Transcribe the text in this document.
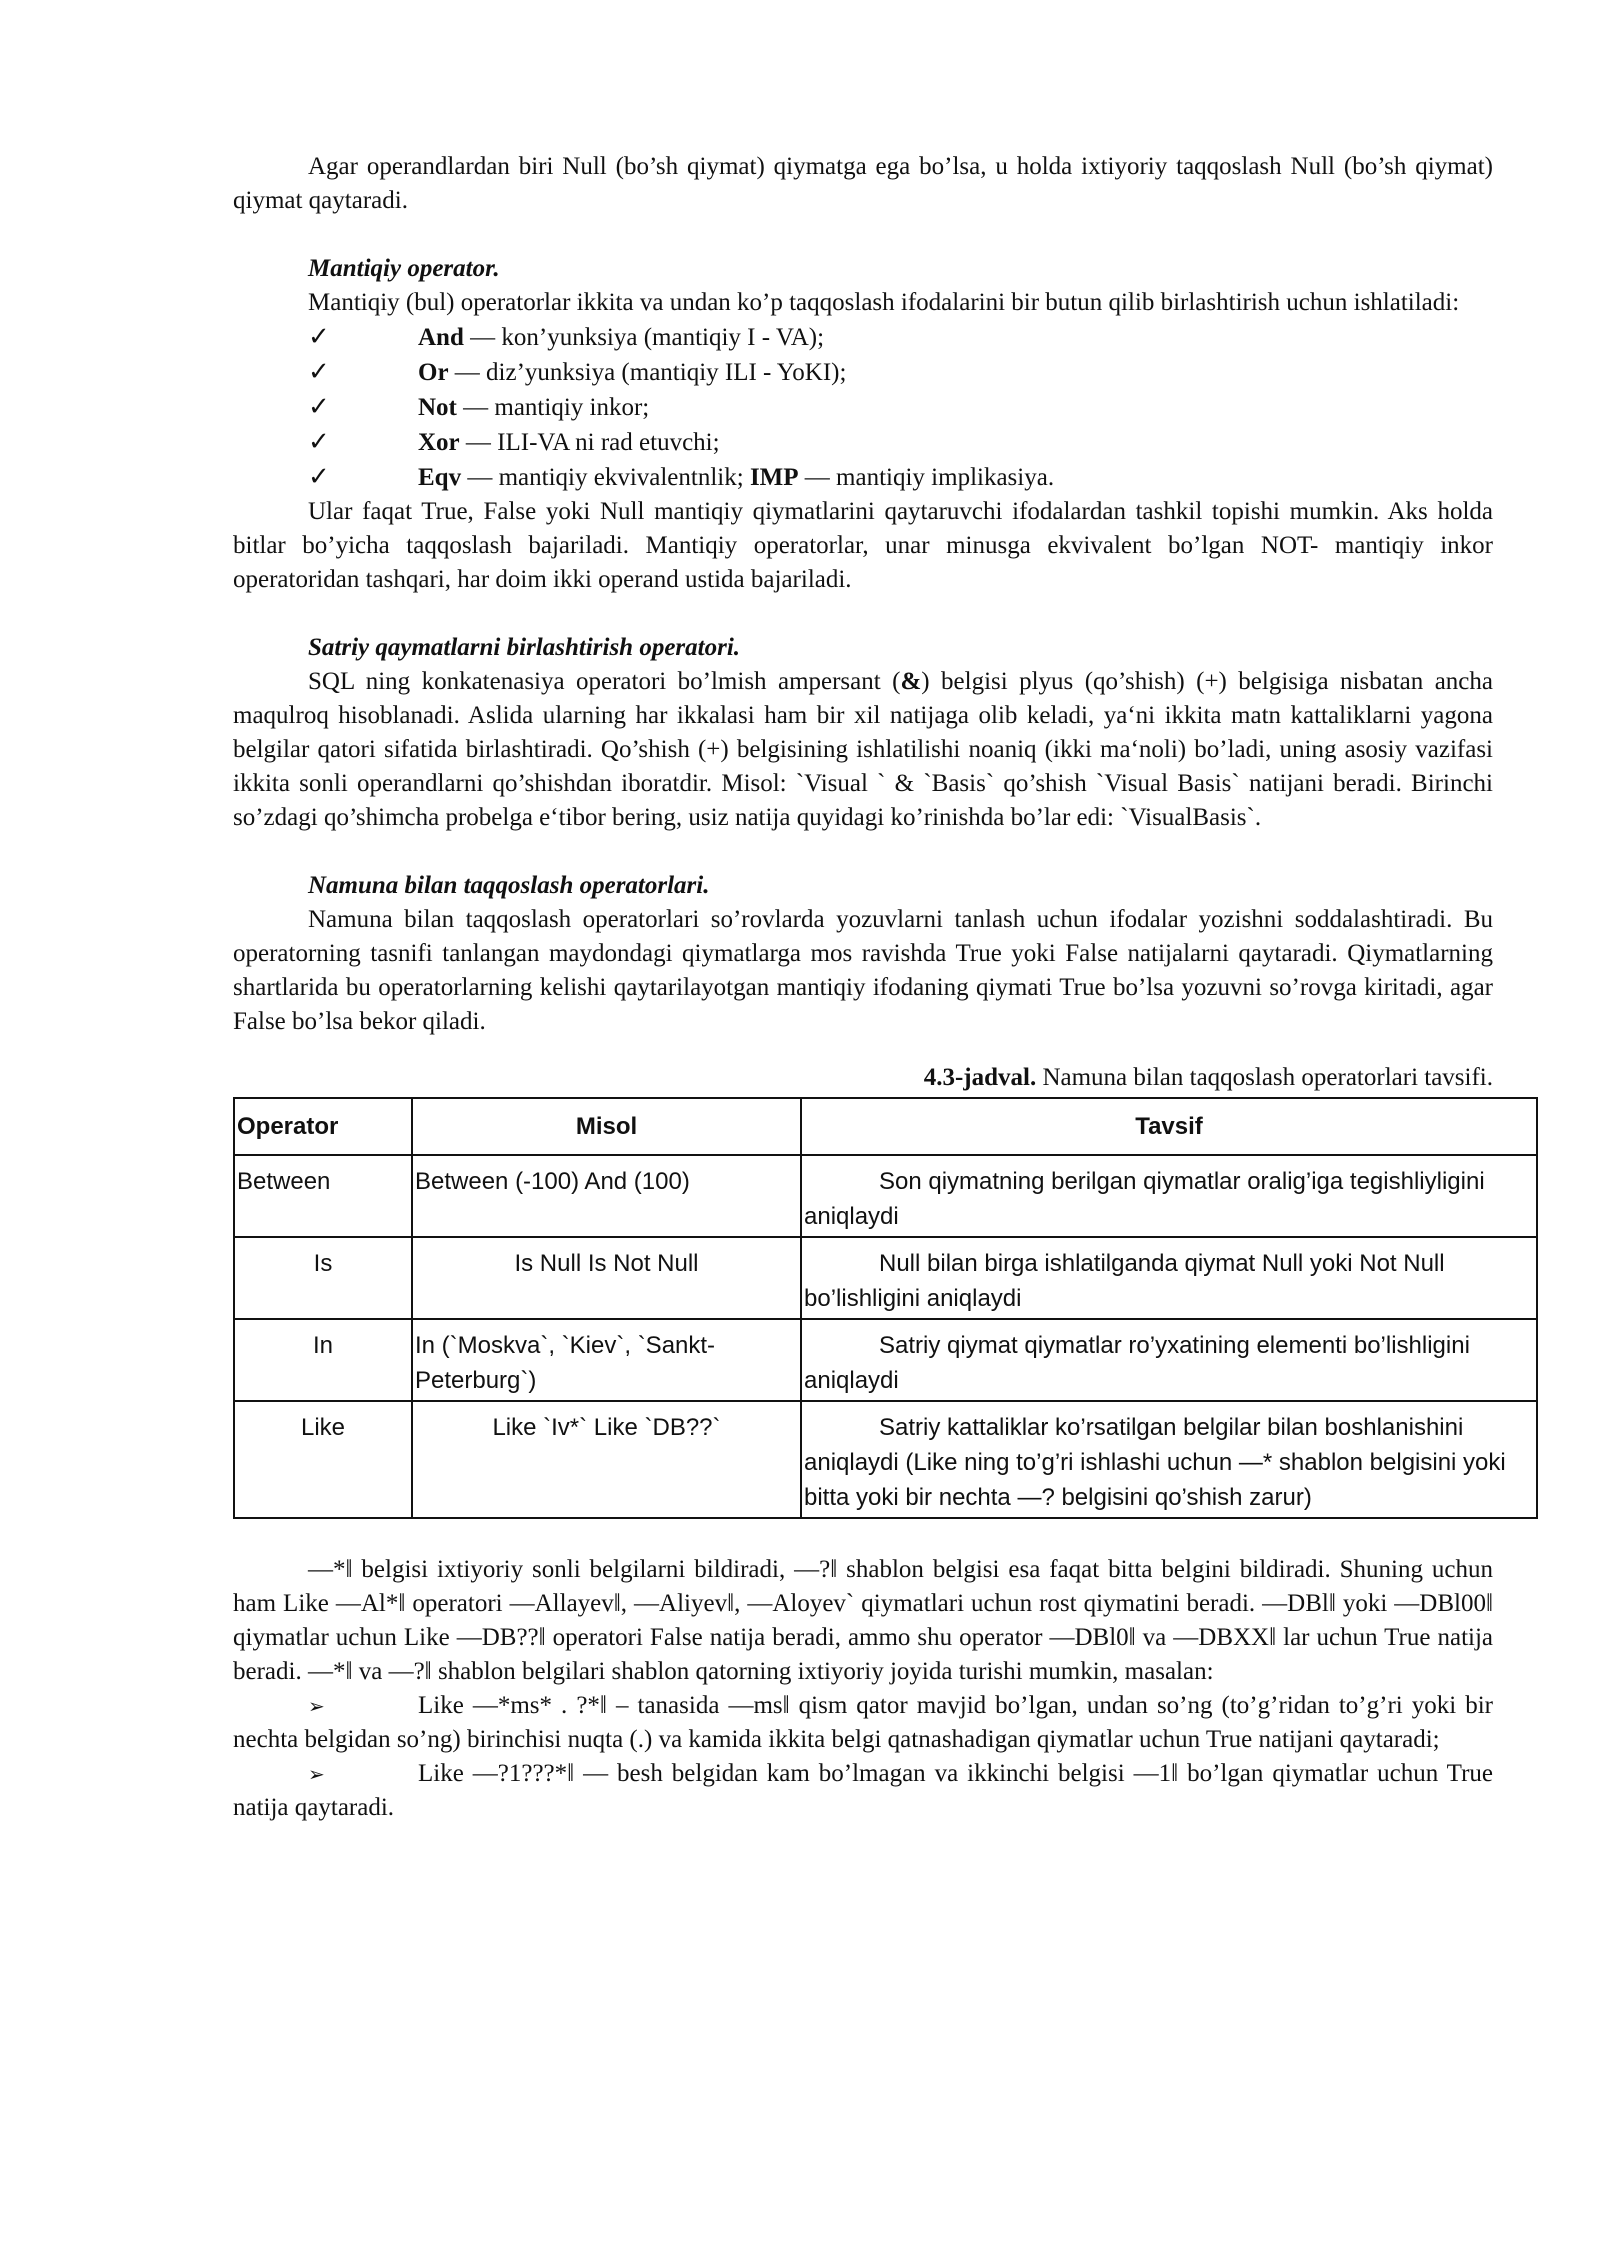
Agar operandlardan biri Null (bo’sh qiymat) qiymatga ega bo’lsa, u holda ixtiyoriy taqqoslash Null (bo’sh qiymat) qiymat qaytaradi.

Mantiqiy operator.

Mantiqiy (bul) operatorlar ikkita va undan ko’p taqqoslash ifodalarini bir butun qilib birlashtirish uchun ishlatiladi:

✓	And — kon’yunksiya (mantiqiy I - VA);
✓	Or — diz’yunksiya (mantiqiy ILI - YoKI);
✓	Not — mantiqiy inkor;
✓	Xor — ILI-VA ni rad etuvchi;
✓	Eqv — mantiqiy ekvivalentnlik; IMP — mantiqiy implikasiya.

Ular faqat True, False yoki Null mantiqiy qiymatlarini qaytaruvchi ifodalardan tashkil topishi mumkin. Aks holda bitlar bo’yicha taqqoslash bajariladi. Mantiqiy operatorlar, unar minusga ekvivalent bo’lgan NOT- mantiqiy inkor operatoridan tashqari, har doim ikki operand ustida bajariladi.

Satriy qaymatlarni birlashtirish operatori.

SQL ning konkatenasiya operatori bo’lmish ampersant (&) belgisi plyus (qo’shish) (+) belgisiga nisbatan ancha maqulroq hisoblanadi. Aslida ularning har ikkalasi ham bir xil natijaga olib keladi, ya‘ni ikkita matn kattaliklarni yagona belgilar qatori sifatida birlashtiradi. Qo’shish (+) belgisining ishlatilishi noaniq (ikki ma‘noli) bo’ladi, uning asosiy vazifasi ikkita sonli operandlarni qo’shishdan iboratdir. Misol: `Visual ` & `Basis` qo’shish `Visual Basis` natijani beradi. Birinchi so’zdagi qo’shimcha probelga e‘tibor bering, usiz natija quyidagi ko’rinishda bo’lar edi: `VisualBasis`.

Namuna bilan taqqoslash operatorlari.

Namuna bilan taqqoslash operatorlari so’rovlarda yozuvlarni tanlash uchun ifodalar yozishni soddalashtiradi. Bu operatorning tasnifi tanlangan maydondagi qiymatlarga mos ravishda True yoki False natijalarni qaytaradi. Qiymatlarning shartlarida bu operatorlarning kelishi qaytarilayotgan mantiqiy ifodaning qiymati True bo’lsa yozuvni so’rovga kiritadi, agar False bo’lsa bekor qiladi.

4.3-jadval. Namuna bilan taqqoslash operatorlari tavsifi.

Operator	Misol	Tavsif
Between	Between (-100) And (100)	Son qiymatning berilgan qiymatlar oralig’iga tegishliyligini aniqlaydi
Is	Is Null Is Not Null	Null bilan birga ishlatilganda qiymat Null yoki Not Null bo’lishligini aniqlaydi
In	In (`Moskva`, `Kiev`, `Sankt-Peterburg`)	Satriy qiymat qiymatlar ro’yxatining elementi bo’lishligini aniqlaydi
Like	Like `Iv*` Like `DB??`	Satriy kattaliklar ko’rsatilgan belgilar bilan boshlanishini aniqlaydi (Like ning to’g’ri ishlashi uchun ―* shablon belgisini yoki bitta yoki bir nechta ―? belgisini qo’shish zarur)

―*‖ belgisi ixtiyoriy sonli belgilarni bildiradi, ―?‖ shablon belgisi esa faqat bitta belgini bildiradi. Shuning uchun ham Like ―Al*‖ operatori ―Allayev‖, ―Aliyev‖, ―Aloyev` qiymatlari uchun rost qiymatini beradi. ―DBl‖ yoki ―DBl00‖ qiymatlar uchun Like ―DB??‖ operatori False natija beradi, ammo shu operator ―DBl0‖ va ―DBXX‖ lar uchun True natija beradi. ―*‖ va ―?‖ shablon belgilari shablon qatorning ixtiyoriy joyida turishi mumkin, masalan:

➢	Like ―*ms* . ?*‖ – tanasida ―ms‖ qism qator mavjid bo’lgan, undan so’ng (to’g’ridan to’g’ri yoki bir nechta belgidan so’ng) birinchisi nuqta (.) va kamida ikkita belgi qatnashadigan qiymatlar uchun True natijani qaytaradi;

➢	Like ―?1???*‖ — besh belgidan kam bo’lmagan va ikkinchi belgisi ―1‖ bo’lgan qiymatlar uchun True natija qaytaradi.
